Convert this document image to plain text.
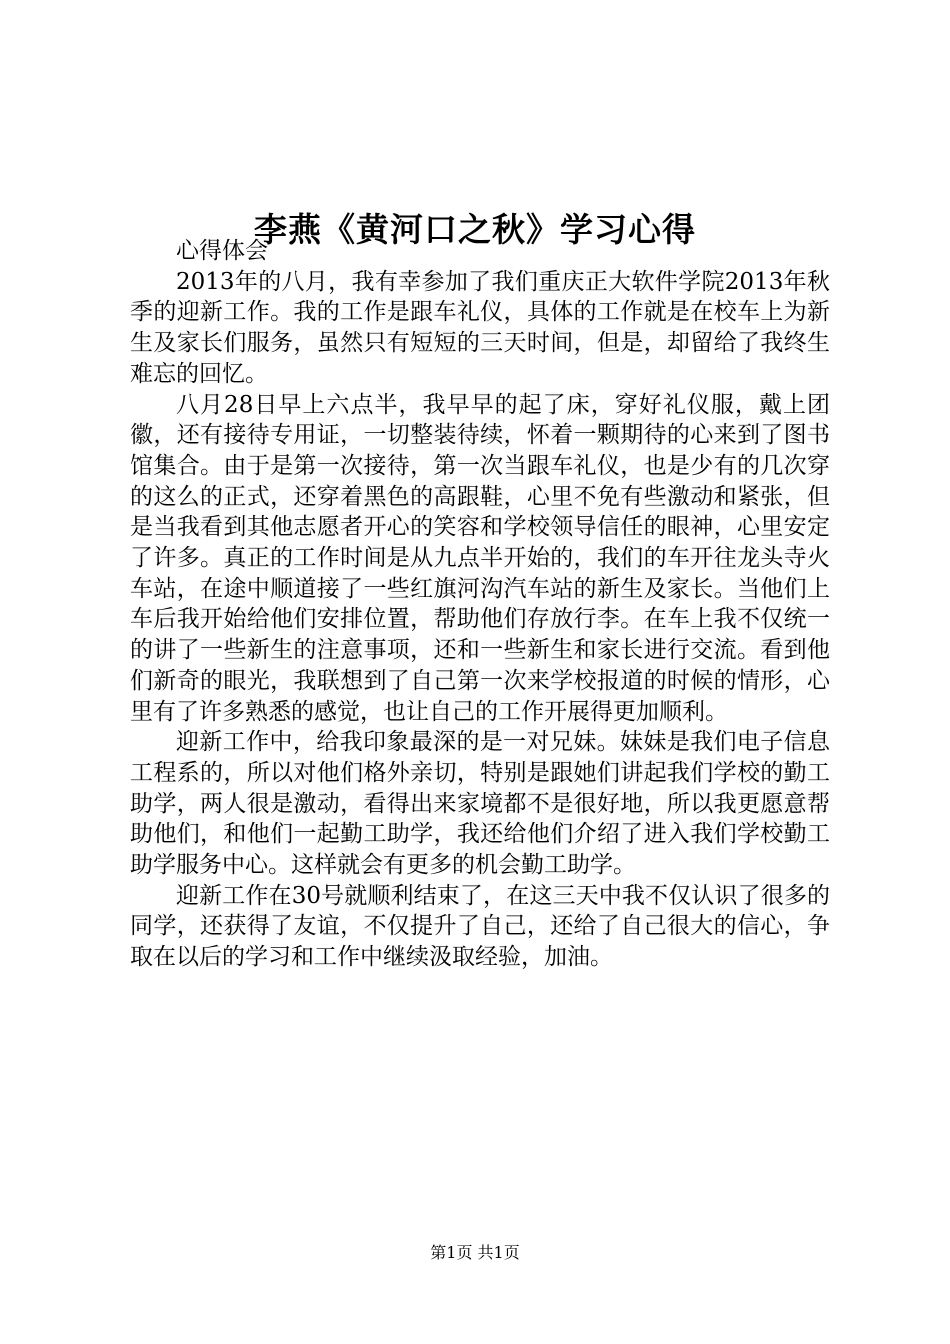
李燕《黄河口之秋》学习心得

心得体会

2013年的八月，我有幸参加了我们重庆正大软件学院2013年秋季的迎新工作。我的工作是跟车礼仪，具体的工作就是在校车上为新生及家长们服务，虽然只有短短的三天时间，但是，却留给了我终生难忘的回忆。

八月28日早上六点半，我早早的起了床，穿好礼仪服，戴上团徽，还有接待专用证，一切整装待续，怀着一颗期待的心来到了图书馆集合。由于是第一次接待，第一次当跟车礼仪，也是少有的几次穿的这么的正式，还穿着黑色的高跟鞋，心里不免有些激动和紧张，但是当我看到其他志愿者开心的笑容和学校领导信任的眼神，心里安定了许多。真正的工作时间是从九点半开始的，我们的车开往龙头寺火车站，在途中顺道接了一些红旗河沟汽车站的新生及家长。当他们上车后我开始给他们安排位置，帮助他们存放行李。在车上我不仅统一的讲了一些新生的注意事项，还和一些新生和家长进行交流。看到他们新奇的眼光，我联想到了自己第一次来学校报道的时候的情形，心里有了许多熟悉的感觉，也让自己的工作开展得更加顺利。

迎新工作中，给我印象最深的是一对兄妹。妹妹是我们电子信息工程系的，所以对他们格外亲切，特别是跟她们讲起我们学校的勤工助学，两人很是激动，看得出来家境都不是很好地，所以我更愿意帮助他们，和他们一起勤工助学，我还给他们介绍了进入我们学校勤工助学服务中心。这样就会有更多的机会勤工助学。

迎新工作在30号就顺利结束了，在这三天中我不仅认识了很多的同学，还获得了友谊，不仅提升了自己，还给了自己很大的信心，争取在以后的学习和工作中继续汲取经验，加油。

第1页 共1页
